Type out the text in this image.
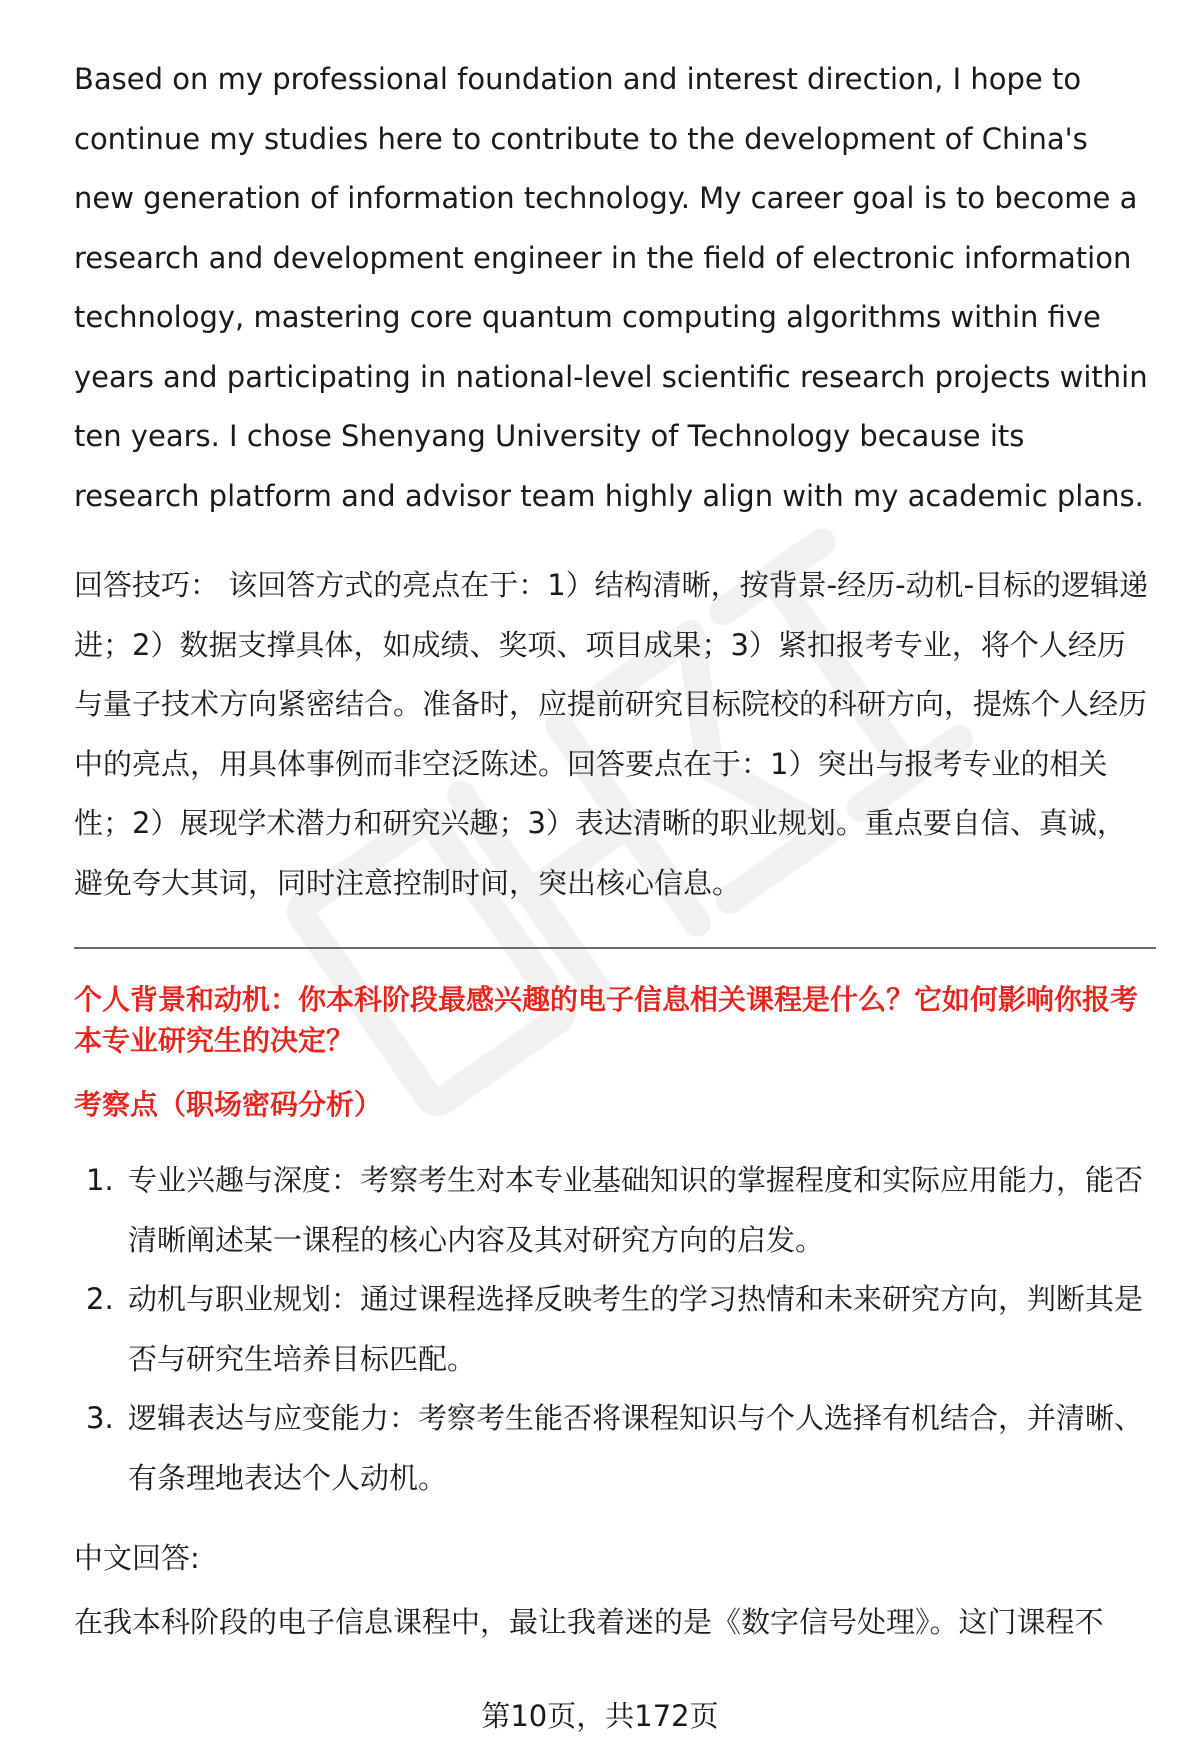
Based on my professional foundation and interest direction, I hope to continue my studies here to contribute to the development of China's new generation of information technology. My career goal is to become a research and development engineer in the field of electronic information technology, mastering core quantum computing algorithms within five years and participating in national-level scientific research projects within ten years. I chose Shenyang University of Technology because its research platform and advisor team highly align with my academic plans.

回答技巧： 该回答方式的亮点在于：1）结构清晰，按背景-经历-动机-目标的逻辑递进；2）数据支撑具体，如成绩、奖项、项目成果；3）紧扣报考专业，将个人经历与量子技术方向紧密结合。准备时，应提前研究目标院校的科研方向，提炼个人经历中的亮点，用具体事例而非空泛陈述。回答要点在于：1）突出与报考专业的相关性；2）展现学术潜力和研究兴趣；3）表达清晰的职业规划。重点要自信、真诚，避免夸大其词，同时注意控制时间，突出核心信息。

个人背景和动机：你本科阶段最感兴趣的电子信息相关课程是什么？它如何影响你报考本专业研究生的决定？

考察点（职场密码分析）

1. 专业兴趣与深度：考察考生对本专业基础知识的掌握程度和实际应用能力，能否清晰阐述某一课程的核心内容及其对研究方向的启发。
2. 动机与职业规划：通过课程选择反映考生的学习热情和未来研究方向，判断其是否与研究生培养目标匹配。
3. 逻辑表达与应变能力：考察考生能否将课程知识与个人选择有机结合，并清晰、有条理地表达个人动机。

中文回答:

在我本科阶段的电子信息课程中，最让我着迷的是《数字信号处理》。这门课程不

第10页，共172页
